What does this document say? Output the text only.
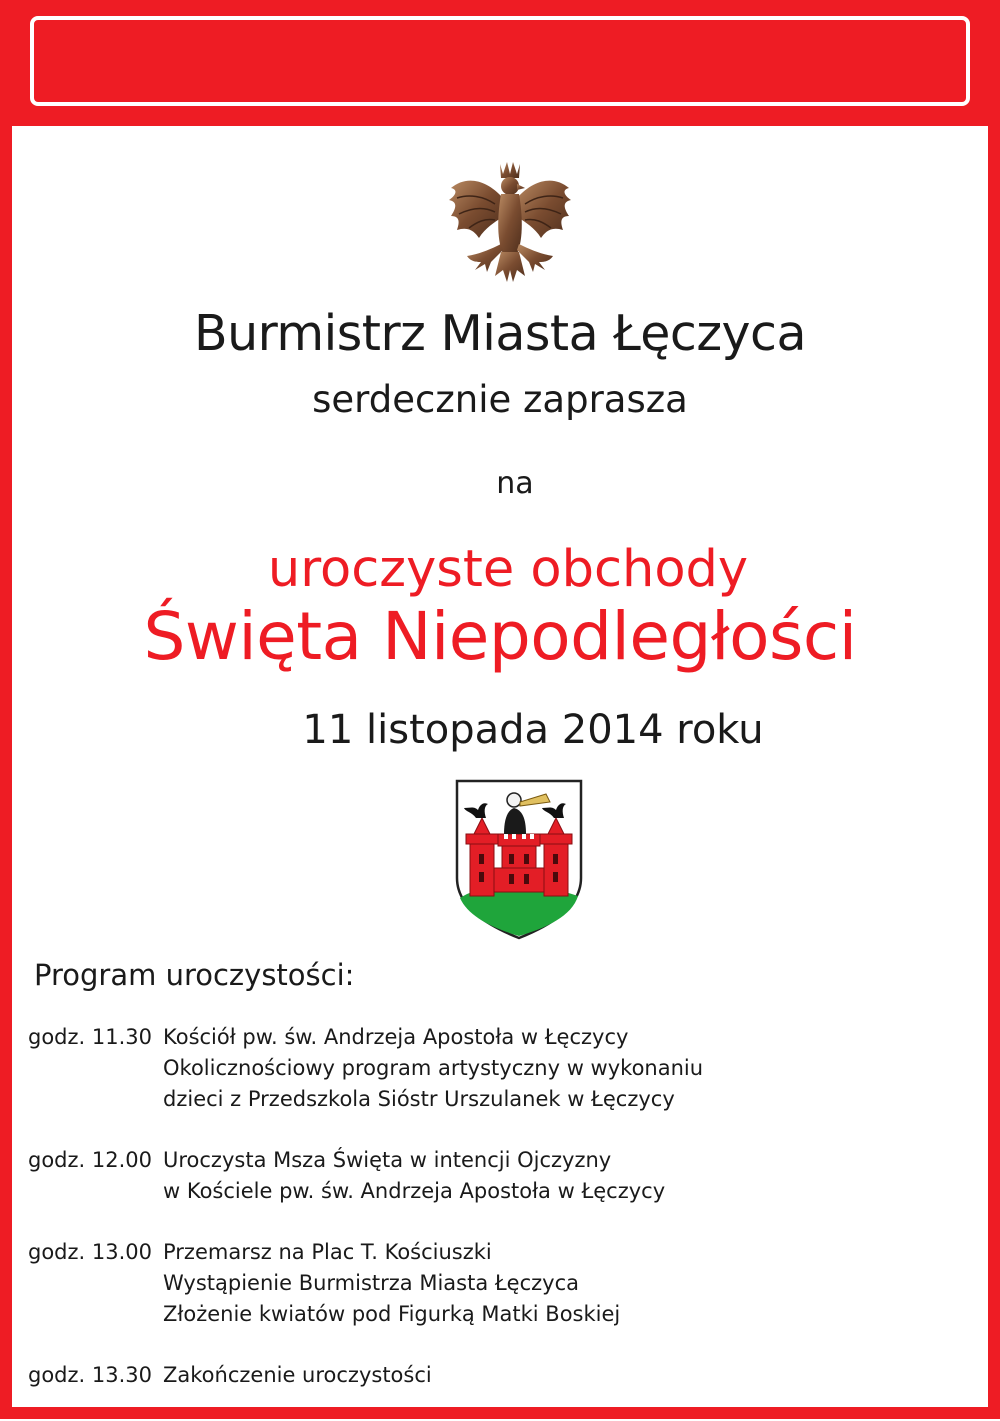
Burmistrz Miasta Łęczyca

serdecznie zaprasza

na

uroczyste obchody

Święta Niepodległości

11 listopada 2014 roku

Program uroczystości:
godz. 11.30 Kościół pw. św. Andrzeja Apostoła w Łęczycy
Okolicznościowy program artystyczny w wykonaniu
dzieci z Przedszkola Sióstr Urszulanek w Łęczycy
godz. 12.00 Uroczysta Msza Święta w intencji Ojczyzny
w Kościele pw. św. Andrzeja Apostoła w Łęczycy
godz. 13.00 Przemarsz na Plac T. Kościuszki
Wystąpienie Burmistrza Miasta Łęczyca
Złożenie kwiatów pod Figurką Matki Boskiej
godz. 13.30 Zakończenie uroczystości
